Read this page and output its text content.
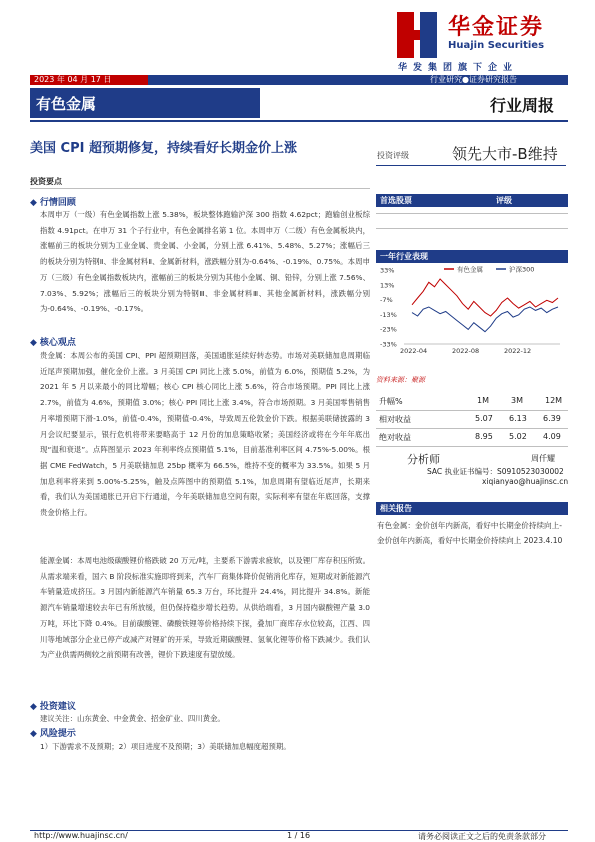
华金证券
Huajin Securities
华发集团旗下企业
2023 年 04 月 17 日	行业研究●证券研究报告
有色金属	行业周报
美国 CPI 超预期修复，持续看好长期金价上涨	投资评级	领先大市-B维持
投资要点
◆ 行情回顾
本周申万（一级）有色金属指数上涨 5.38%，板块整体跑输沪深 300 指数 4.62pct；跑输创业板综指数 4.91pct。在申万 31 个子行业中，有色金属排名第 1 位。本周申万（二级）有色金属板块内，涨幅前三的板块分别为工业金属、贵金属、小金属，分别上涨 6.41%、5.48%、5.27%；涨幅后三的板块分别为特钢Ⅱ、非金属材料Ⅱ、金属新材料，涨跌幅分别为-0.64%、-0.19%、0.75%。本周申万（三级）有色金属指数板块内，涨幅前三的板块分别为其他小金属、铜、铅锌，分别上涨 7.56%、7.03%、5.92%；涨幅后三的板块分别为特钢Ⅲ、非金属材料Ⅲ、其他金属新材料，涨跌幅分别为-0.64%、-0.19%、-0.17%。
◆ 核心观点
贵金属：本周公布的美国 CPI、PPI 超预期回落，美国通胀延续好转态势。市场对美联储加息周期临近尾声预期加强，催化金价上涨。3 月美国 CPI 同比上涨 5.0%，前值为 6.0%，预期值 5.2%，为 2021 年 5 月以来最小的同比增幅；核心 CPI 核心同比上涨 5.6%，符合市场预期。PPI 同比上涨 2.7%，前值为 4.6%，预期值 3.0%；核心 PPI 同比上涨 3.4%，符合市场预期。3 月美国零售销售月率增预期下滑-1.0%，前值-0.4%，预期值-0.4%，导致周五伦敦金价下跌。根据美联储披露的 3 月会议纪要显示，银行危机将带来要略高于 12 月份的加息策略收紧；美国经济或将在今年年底出现“温和衰退”。点阵图显示 2023 年利率终点预期值 5.1%，目前基准利率区间 4.75%-5.00%。根据 CME FedWatch，5 月美联储加息 25bp 概率为 66.5%，维持不变的概率为 33.5%。如果 5 月加息利率将来到 5.00%-5.25%，触及点阵图中的预期值 5.1%，加息周期有望临近尾声，长期来看，我们认为美国通胀已开启下行通道，今年美联储加息空间有限，实际利率有望在年底回落，支撑贵金价格上行。
能源金属：本周电池级碳酸锂价格跌破 20 万元/吨，主要系下游需求疲软，以及锂厂库存积压所致。从需求端来看，国六 B 阶段标准实施即将到来，汽车厂商集体降价促销消化库存，短期或对新能源汽车销量造成挤压。3 月国内新能源汽车销量 65.3 万台，环比提升 24.4%，同比提升 34.8%。新能源汽车销量增速较去年已有所放缓，但仍保持稳步增长趋势。从供给端看，3 月国内碳酸锂产量 3.0 万吨，环比下降 0.4%。目前碳酸锂、磷酸铁锂等价格持续下探，叠加厂商库存水位较高，江西、四川等地域部分企业已停产或减产对锂矿的开采，导致近期碳酸锂、氢氧化锂等价格下跌减少。我们认为产业供需两侧较之前预期有改善，锂价下跌速度有望放缓。
◆ 投资建议
建议关注：山东黄金、中金黄金、招金矿业、四川黄金。
◆ 风险提示
1）下游需求不及预期；2）项目进度不及预期；3）美联储加息幅度超预期。
首选股票	评级
一年行业表现
33%
13%
-7%
-13%
-23%
-33%
2022-04	2022-08	2022-12
有色金属	沪深300
资料来源：聚源
升幅%	1M	3M	12M
相对收益	5.07 6.13 6.39
绝对收益	8.95 5.02 4.09
分析师	周仟耀
SAC 执业证书编号：S0910523030002
xiqianyao@huajinsc.cn
相关报告
有色金属：金价创年内新高，看好中长期金价持续向上-金价创年内新高，看好中长期金价持续向上 2023.4.10
http://www.huajinsc.cn/	1 / 16	请务必阅读正文之后的免责条款部分
